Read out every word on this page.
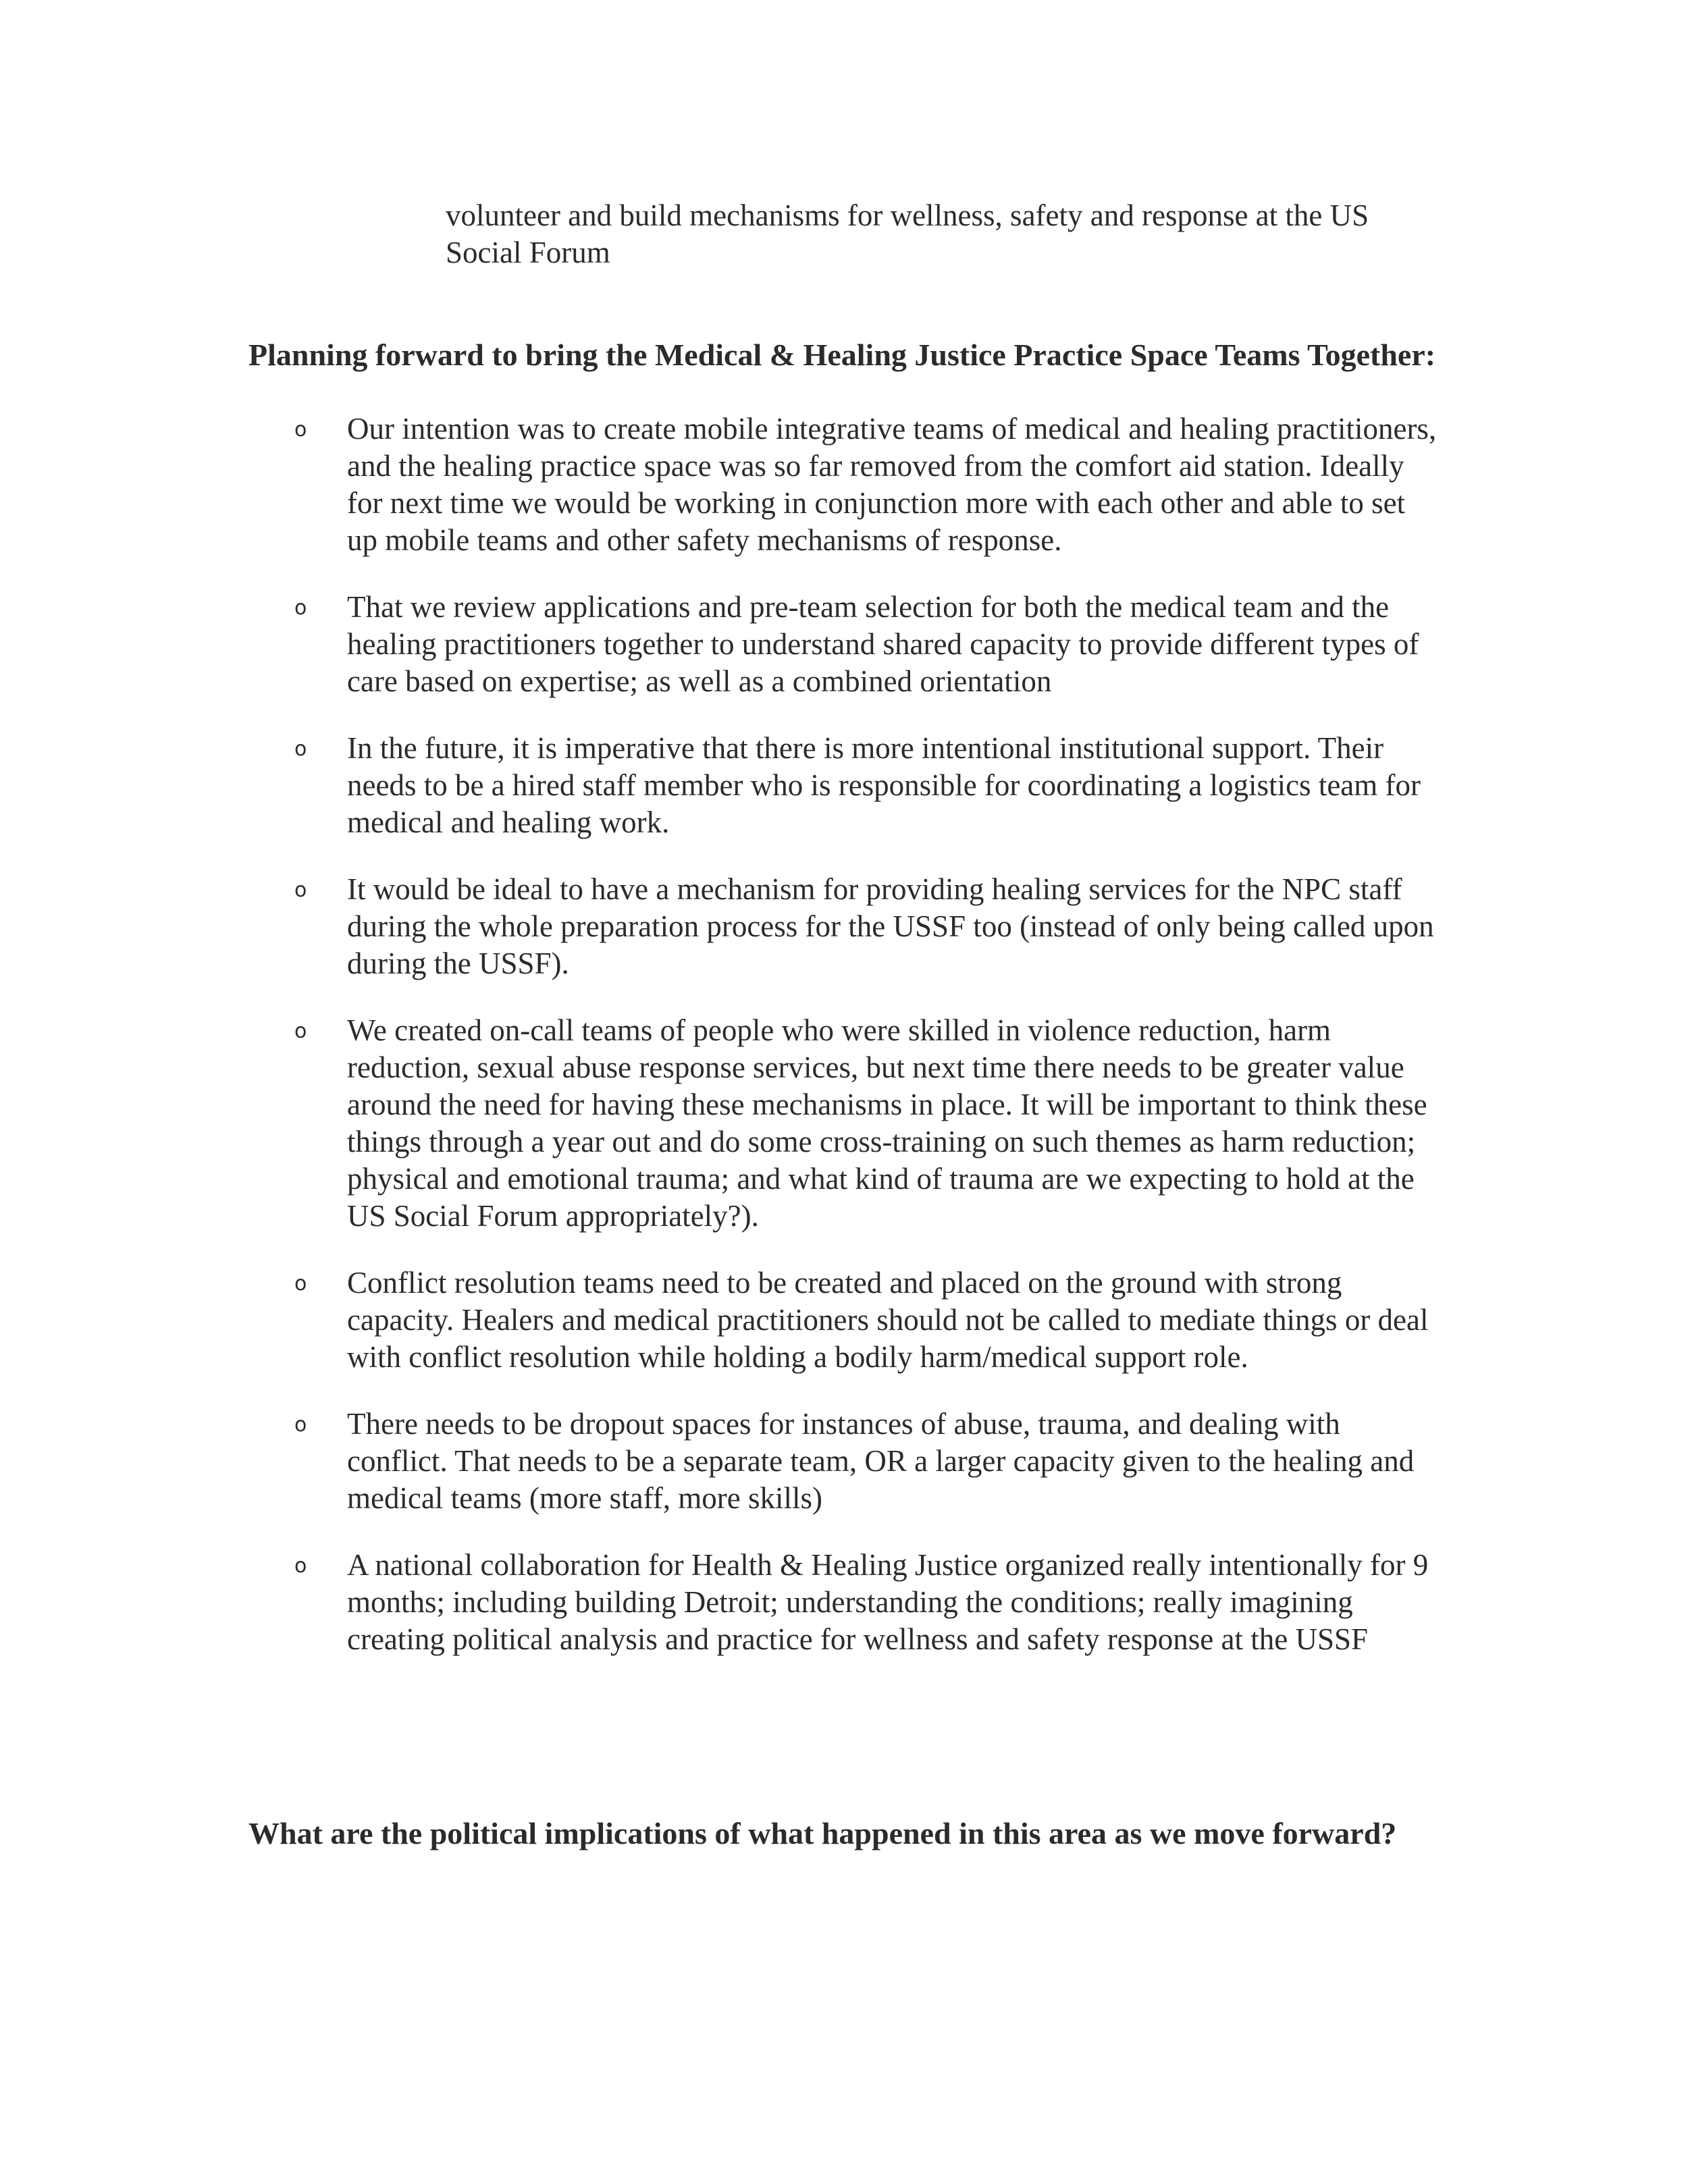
volunteer and build mechanisms for wellness, safety and response at the US Social Forum

Planning forward to bring the Medical & Healing Justice Practice Space Teams Together:
o Our intention was to create mobile integrative teams of medical and healing practitioners, and the healing practice space was so far removed from the comfort aid station. Ideally for next time we would be working in conjunction more with each other and able to set up mobile teams and other safety mechanisms of response.
o That we review applications and pre-team selection for both the medical team and the healing practitioners together to understand shared capacity to provide different types of care based on expertise; as well as a combined orientation
o In the future, it is imperative that there is more intentional institutional support. Their needs to be a hired staff member who is responsible for coordinating a logistics team for medical and healing work.
o It would be ideal to have a mechanism for providing healing services for the NPC staff during the whole preparation process for the USSF too (instead of only being called upon during the USSF).
o We created on-call teams of people who were skilled in violence reduction, harm reduction, sexual abuse response services, but next time there needs to be greater value around the need for having these mechanisms in place. It will be important to think these things through a year out and do some cross-training on such themes as harm reduction; physical and emotional trauma; and what kind of trauma are we expecting to hold at the US Social Forum appropriately?).
o Conflict resolution teams need to be created and placed on the ground with strong capacity. Healers and medical practitioners should not be called to mediate things or deal with conflict resolution while holding a bodily harm/medical support role.
o There needs to be dropout spaces for instances of abuse, trauma, and dealing with conflict. That needs to be a separate team, OR a larger capacity given to the healing and medical teams (more staff, more skills)
o A national collaboration for Health & Healing Justice organized really intentionally for 9 months; including building Detroit; understanding the conditions; really imagining creating political analysis and practice for wellness and safety response at the USSF
What are the political implications of what happened in this area as we move forward?
